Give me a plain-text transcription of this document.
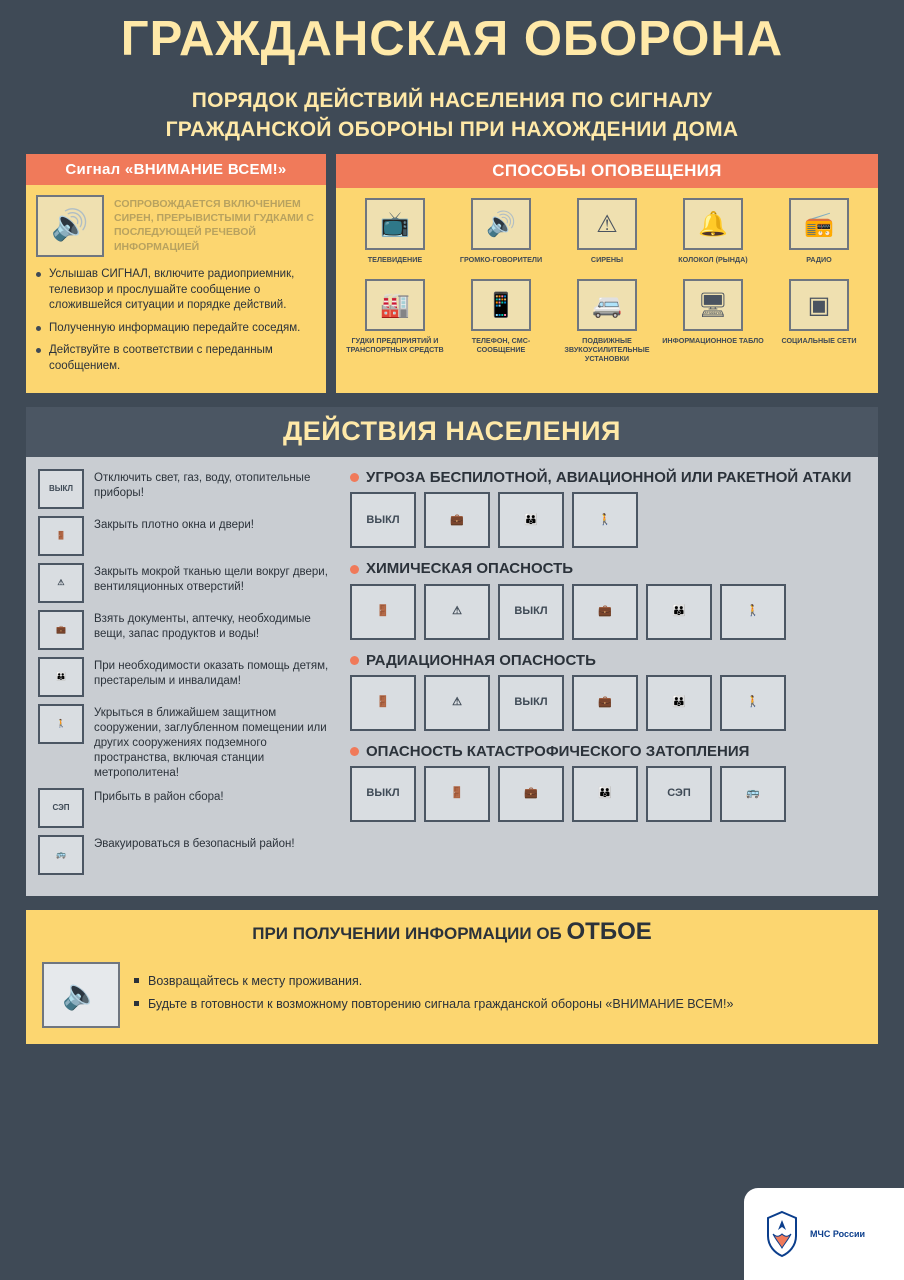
ГРАЖДАНСКАЯ ОБОРОНА
ПОРЯДОК ДЕЙСТВИЙ НАСЕЛЕНИЯ ПО СИГНАЛУ
ГРАЖДАНСКОЙ ОБОРОНЫ ПРИ НАХОЖДЕНИИ ДОМА
Сигнал «ВНИМАНИЕ ВСЕМ!»
🔊
СОПРОВОЖДАЕТСЯ ВКЛЮЧЕНИЕМ СИРЕН, ПРЕРЫВИСТЫМИ ГУДКАМИ С ПОСЛЕДУЮЩЕЙ РЕЧЕВОЙ ИНФОРМАЦИЕЙ
Услышав СИГНАЛ, включите радиоприемник, телевизор и прослушайте сообщение о сложившейся ситуации и порядке действий.
Полученную информацию передайте соседям.
Действуйте в соответствии с переданным сообщением.
СПОСОБЫ ОПОВЕЩЕНИЯ
📺
ТЕЛЕВИДЕНИЕ
🔊
ГРОМКО-ГОВОРИТЕЛИ
⚠
СИРЕНЫ
🔔
КОЛОКОЛ (РЫНДА)
📻
РАДИО
🏭
ГУДКИ ПРЕДПРИЯТИЙ И ТРАНСПОРТНЫХ СРЕДСТВ
📱
ТЕЛЕФОН, СМС-СООБЩЕНИЕ
🚐
ПОДВИЖНЫЕ ЗВУКОУСИЛИТЕЛЬНЫЕ УСТАНОВКИ
🖥
ИНФОРМАЦИОННОЕ ТАБЛО
▣
СОЦИАЛЬНЫЕ СЕТИ
ДЕЙСТВИЯ НАСЕЛЕНИЯ
ВЫКЛ
Отключить свет, газ, воду, отопительные приборы!
🚪
Закрыть плотно окна и двери!
⚠
Закрыть мокрой тканью щели вокруг двери, вентиляционных отверстий!
💼
Взять документы, аптечку, необходимые вещи, запас продуктов и воды!
👪
При необходимости оказать помощь детям, престарелым и инвалидам!
🚶
Укрыться в ближайшем защитном сооружении, заглубленном помещении или других сооружениях подземного пространства, включая станции метрополитена!
СЭП
Прибыть в район сбора!
🚌
Эвакуироваться в безопасный район!
УГРОЗА БЕСПИЛОТНОЙ, АВИАЦИОННОЙ ИЛИ РАКЕТНОЙ АТАКИ
ВЫКЛ	💼	👪	🚶
ХИМИЧЕСКАЯ ОПАСНОСТЬ
🚪	⚠	ВЫКЛ	💼	👪	🚶
РАДИАЦИОННАЯ ОПАСНОСТЬ
🚪	⚠	ВЫКЛ	💼	👪	🚶
ОПАСНОСТЬ КАТАСТРОФИЧЕСКОГО ЗАТОПЛЕНИЯ
ВЫКЛ	🚪	💼	👪	СЭП	🚌
ПРИ ПОЛУЧЕНИИ ИНФОРМАЦИИ ОБ ОТБОЕ
🔈	Возвращайтесь к месту проживания.
Будьте в готовности к возможному повторению сигнала гражданской обороны «ВНИМАНИЕ ВСЕМ!»
МЧС России
